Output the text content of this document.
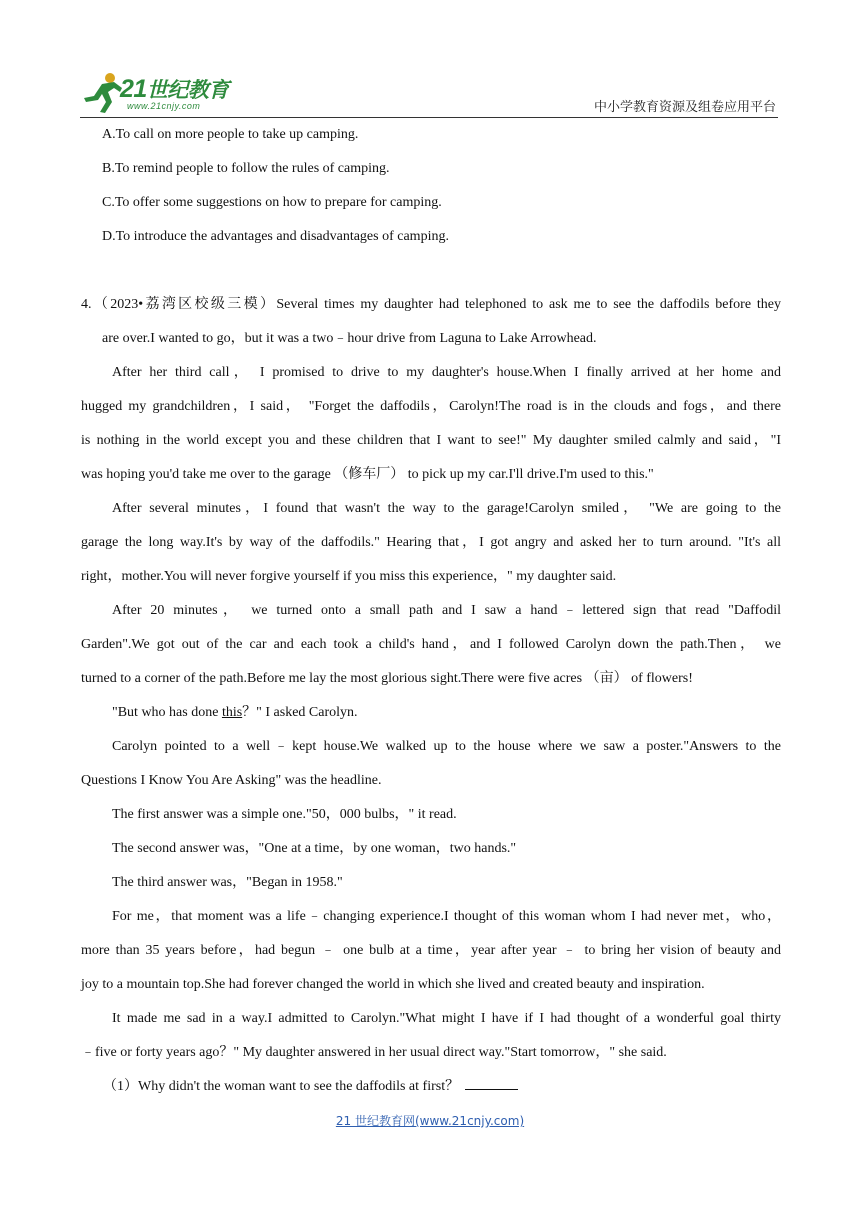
21世纪教育
www.21cnjy.com	中小学教育资源及组卷应用平台
A.To call on more people to take up camping.
B.To remind people to follow the rules of camping.
C.To offer some suggestions on how to prepare for camping.
D.To introduce the advantages and disadvantages of camping.
4.（2023•荔湾区校级三模）Several times my daughter had telephoned to ask me to see the daffodils before they
are over.I wanted to go，but it was a two﹣hour drive from Laguna to Lake Arrowhead.
After her third call， I promised to drive to my daughter's house.When I finally arrived at her home and
hugged my grandchildren，I said， "Forget the daffodils，Carolyn!The road is in the clouds and fogs，and there
is nothing in the world except you and these children that I want to see!" My daughter smiled calmly and said，"I
was hoping you'd take me over to the garage （修车厂） to pick up my car.I'll drive.I'm used to this."
After several minutes，I found that wasn't the way to the garage!Carolyn smiled， "We are going to the
garage the long way.It's by way of the daffodils." Hearing that，I got angry and asked her to turn around. "It's all
right，mother.You will never forgive yourself if you miss this experience，" my daughter said.
After 20 minutes， we turned onto a small path and I saw a hand﹣lettered sign that read "Daffodil
Garden".We got out of the car and each took a child's hand，and I followed Carolyn down the path.Then， we
turned to a corner of the path.Before me lay the most glorious sight.There were five acres （亩） of flowers!
"But who has done this？" I asked Carolyn.
Carolyn pointed to a well﹣kept house.We walked up to the house where we saw a poster."Answers to the
Questions I Know You Are Asking" was the headline.
The first answer was a simple one."50，000 bulbs，" it read.
The second answer was，"One at a time，by one woman，two hands."
The third answer was，"Began in 1958."
For me，that moment was a life﹣changing experience.I thought of this woman whom I had never met，who，
more than 35 years before，had begun ﹣ one bulb at a time，year after year ﹣ to bring her vision of beauty and
joy to a mountain top.She had forever changed the world in which she lived and created beauty and inspiration.
It made me sad in a way.I admitted to Carolyn."What might I have if I had thought of a wonderful goal thirty
﹣five or forty years ago？" My daughter answered in her usual direct way."Start tomorrow，" she said.
（1）Why didn't the woman want to see the daffodils at first？
21 世纪教育网(www.21cnjy.com)
